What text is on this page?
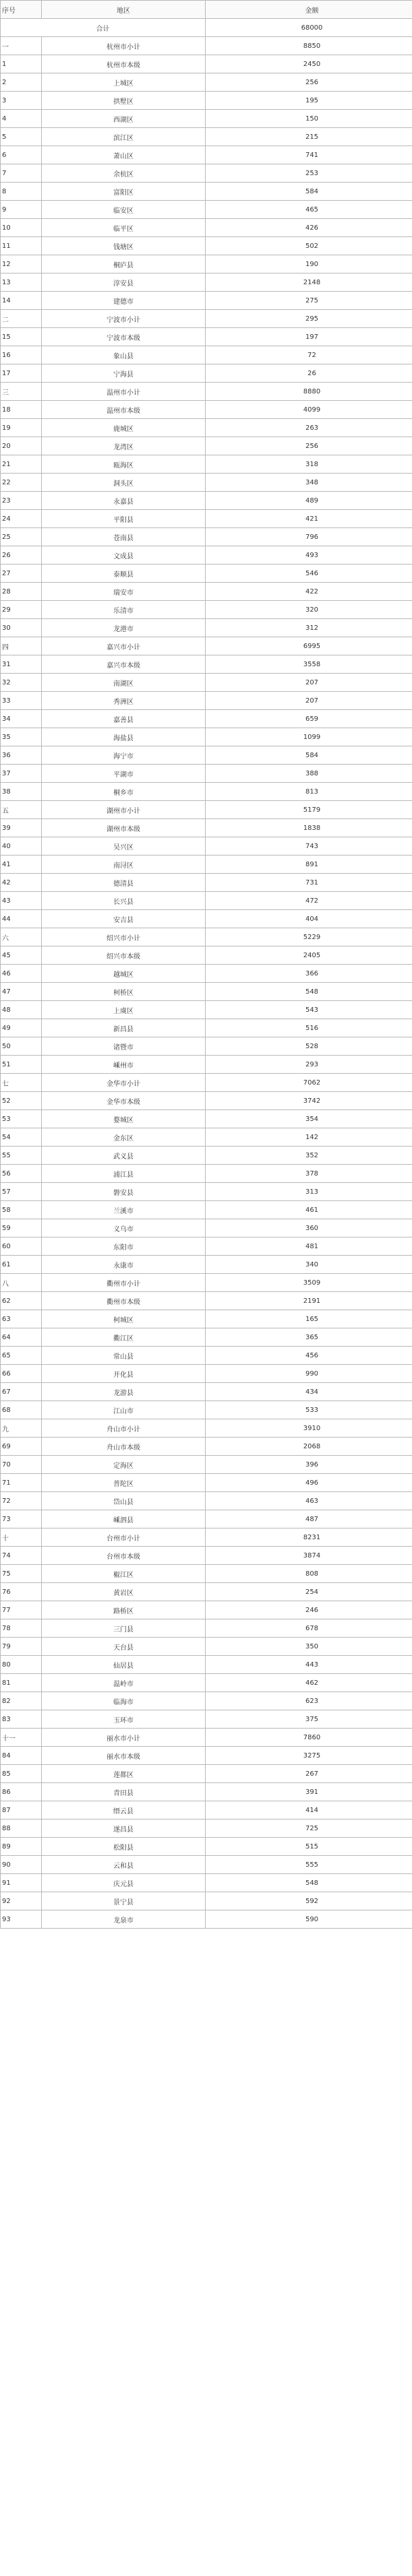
序号	地区	金额
合计		68000
一	杭州市小计	8850
1	杭州市本级	2450
2	上城区	256
3	拱墅区	195
4	西湖区	150
5	滨江区	215
6	萧山区	741
7	余杭区	253
8	富阳区	584
9	临安区	465
10	临平区	426
11	钱塘区	502
12	桐庐县	190
13	淳安县	2148
14	建德市	275
二	宁波市小计	295
15	宁波市本级	197
16	象山县	72
17	宁海县	26
三	温州市小计	8880
18	温州市本级	4099
19	鹿城区	263
20	龙湾区	256
21	瓯海区	318
22	洞头区	348
23	永嘉县	489
24	平阳县	421
25	苍南县	796
26	文成县	493
27	泰顺县	546
28	瑞安市	422
29	乐清市	320
30	龙港市	312
四	嘉兴市小计	6995
31	嘉兴市本级	3558
32	南湖区	207
33	秀洲区	207
34	嘉善县	659
35	海盐县	1099
36	海宁市	584
37	平湖市	388
38	桐乡市	813
五	湖州市小计	5179
39	湖州市本级	1838
40	吴兴区	743
41	南浔区	891
42	德清县	731
43	长兴县	472
44	安吉县	404
六	绍兴市小计	5229
45	绍兴市本级	2405
46	越城区	366
47	柯桥区	548
48	上虞区	543
49	新昌县	516
50	诸暨市	528
51	嵊州市	293
七	金华市小计	7062
52	金华市本级	3742
53	婺城区	354
54	金东区	142
55	武义县	352
56	浦江县	378
57	磐安县	313
58	兰溪市	461
59	义乌市	360
60	东阳市	481
61	永康市	340
八	衢州市小计	3509
62	衢州市本级	2191
63	柯城区	165
64	衢江区	365
65	常山县	456
66	开化县	990
67	龙游县	434
68	江山市	533
九	舟山市小计	3910
69	舟山市本级	2068
70	定海区	396
71	普陀区	496
72	岱山县	463
73	嵊泗县	487
十	台州市小计	8231
74	台州市本级	3874
75	椒江区	808
76	黄岩区	254
77	路桥区	246
78	三门县	678
79	天台县	350
80	仙居县	443
81	温岭市	462
82	临海市	623
83	玉环市	375
十一	丽水市小计	7860
84	丽水市本级	3275
85	莲都区	267
86	青田县	391
87	缙云县	414
88	遂昌县	725
89	松阳县	515
90	云和县	555
91	庆元县	548
92	景宁县	592
93	龙泉市	590
